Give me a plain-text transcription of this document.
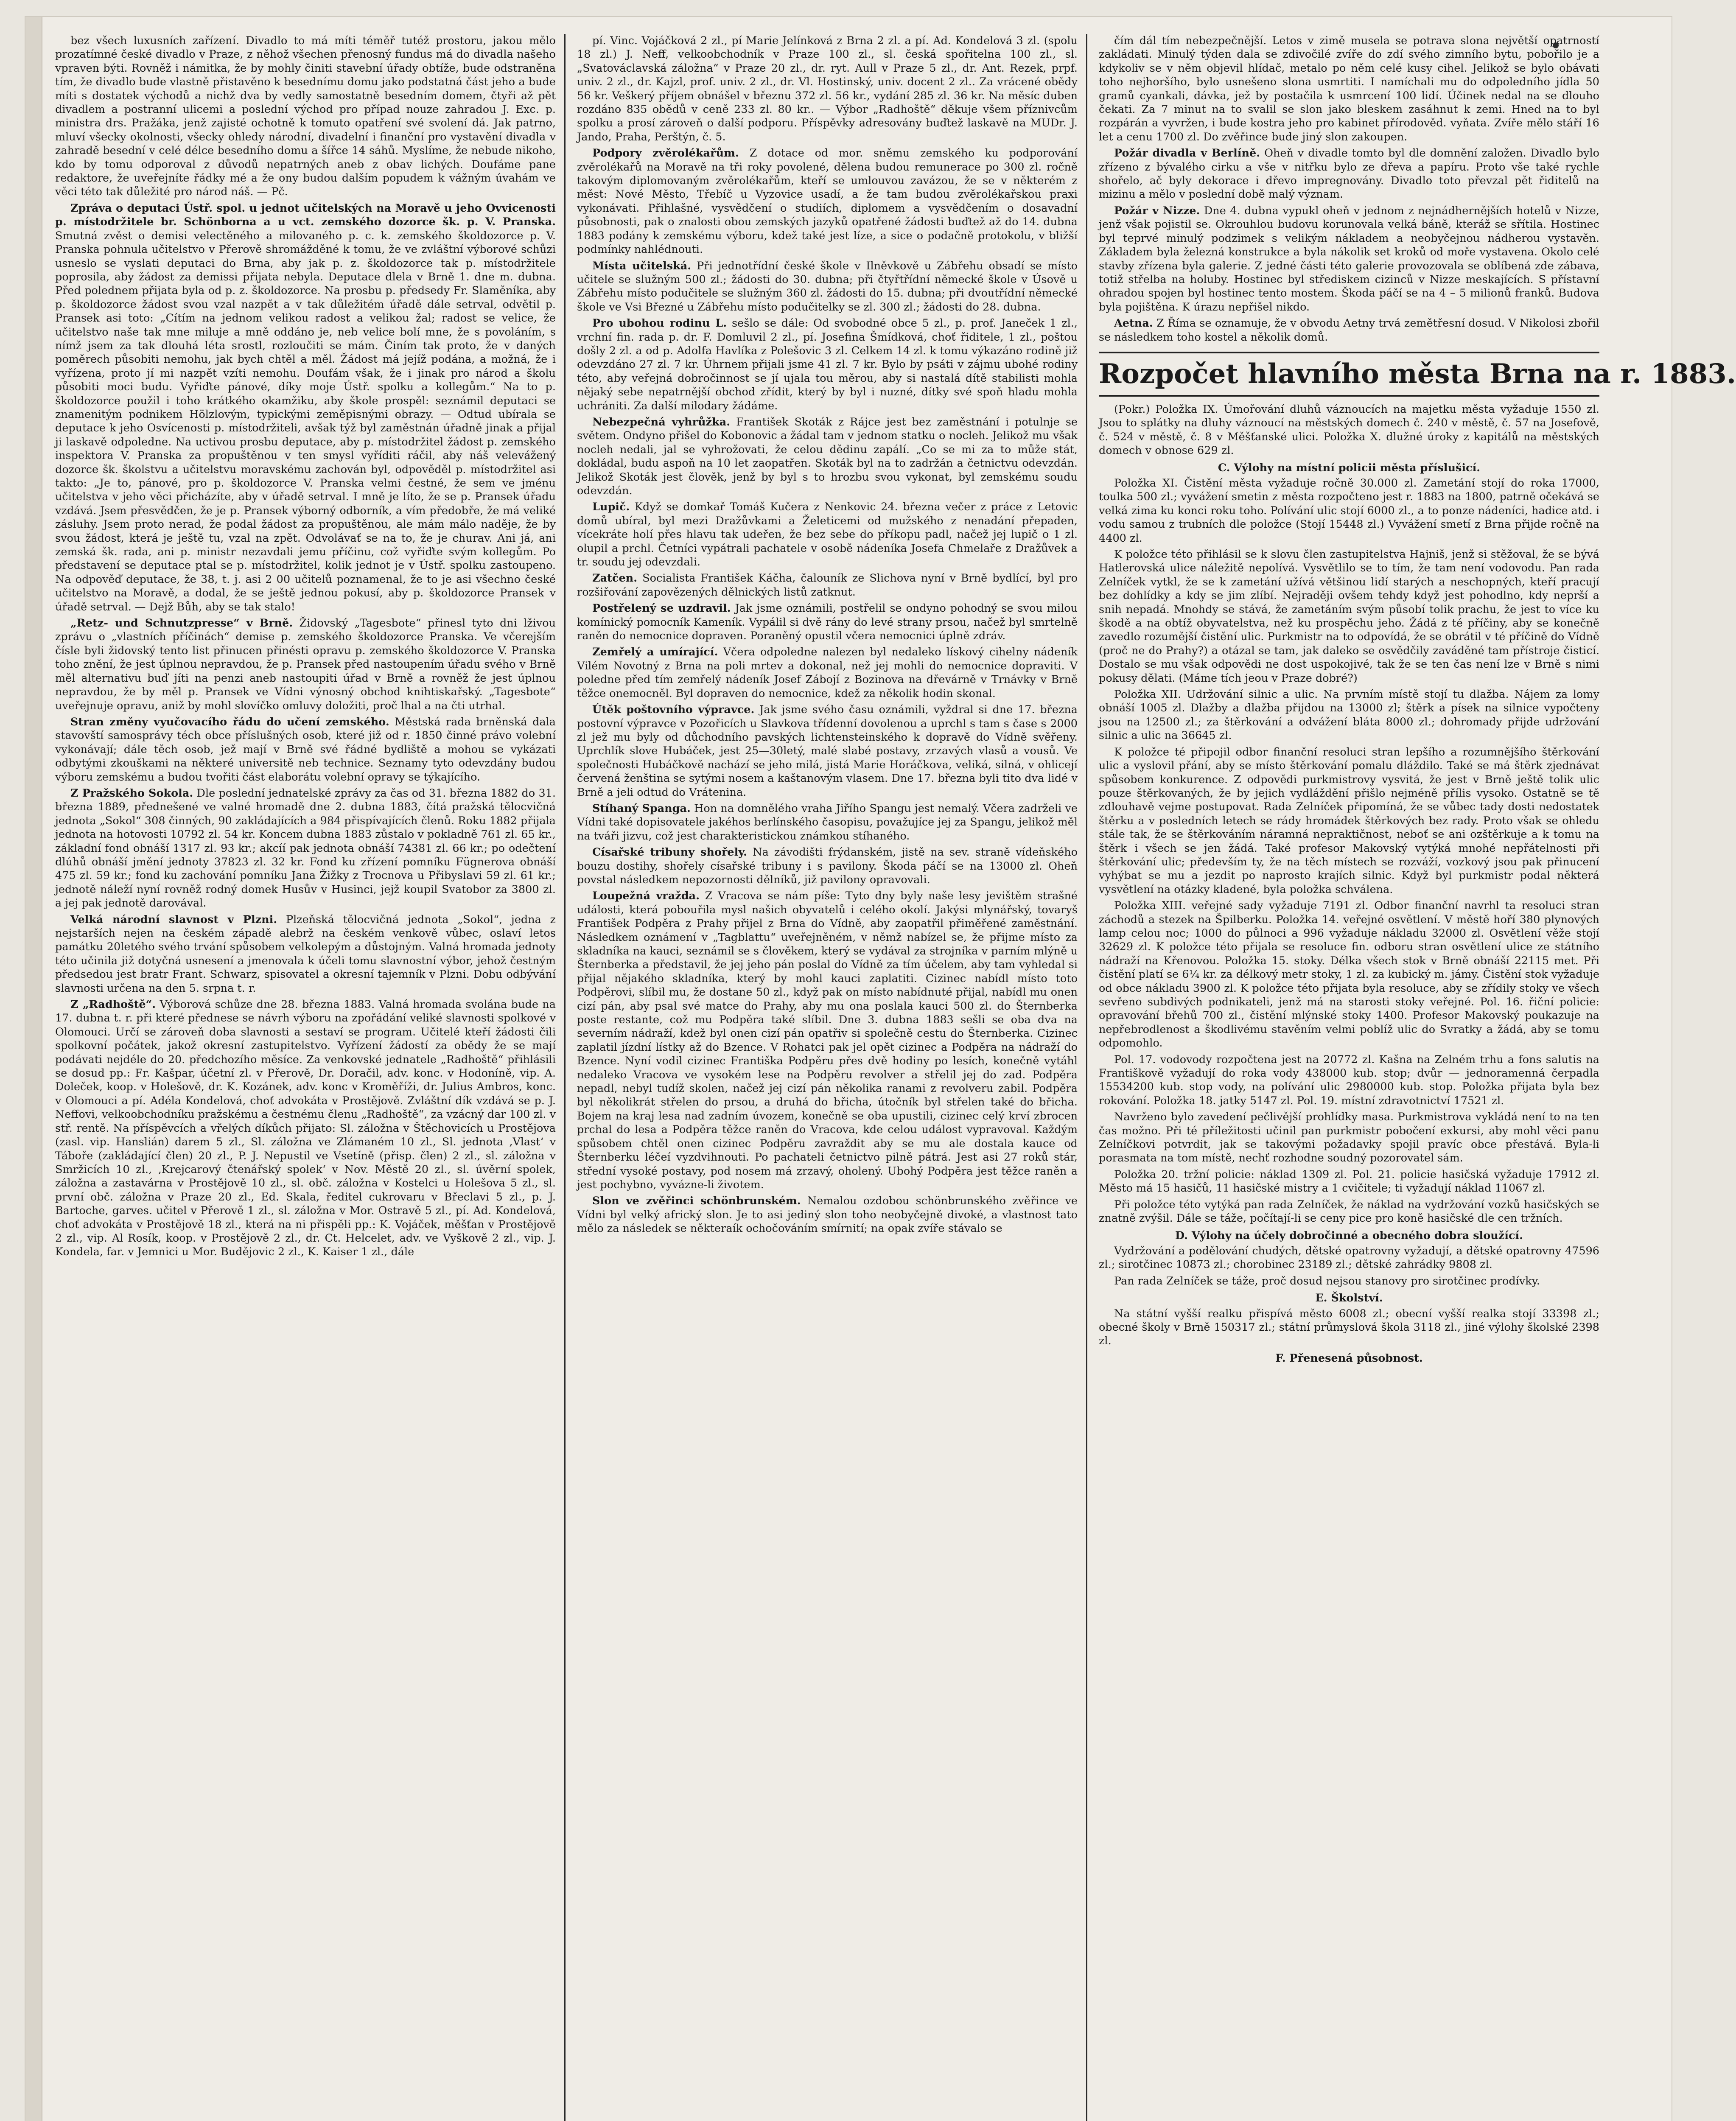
bez všech luxusních zařízení. Divadlo to má míti téměř tutéž prostoru, jakou mělo prozatímné české divadlo v Praze, z něhož všechen přenosný fundus má do divadla našeho vpraven býti. Rovněž i námitka, že by mohly činiti stavební úřady obtíže, bude odstraněna tím, že divadlo bude vlastně přistavěno k besednímu domu jako podstatná část jeho a bude míti s dostatek východů a nichž dva by vedly samostatně besedním domem, čtyři až pět divadlem a postranní ulicemi a poslední východ pro případ nouze zahradou J. Exc. p. ministra drs. Pražáka, jenž zajisté ochotně k tomuto opatření své svolení dá. Jak patrno, mluví všecky okolnosti, všecky ohledy národní, divadelní i finanční pro vystavění divadla v zahradě besední v celé délce besedního domu a šířce 14 sáhů. Myslíme, že nebude nikoho, kdo by tomu odporoval z důvodů nepatrných aneb z obav lichých. Doufáme pane redaktore, že uveřejníte řádky mé a že ony budou dalším popudem k vážným úvahám ve věci této tak důležité pro národ náš. — Pč.

Zpráva o deputaci Ústř. spol. u jednot učitelských na Moravě u jeho Ovvicenosti p. místodržitele br. Schönborna a u vct. zemského dozorce šk. p. V. Pranska. Smutná zvěst o demisi velectěného a milovaného p. c. k. zemského školdozorce p. V. Pranska pohnula učitelstvo v Přerově shromážděné k tomu, že ve zvláštní výborové schůzi usneslo se vyslati deputaci do Brna, aby jak p. z. školdozorce tak p. místodržitele poprosila, aby žádost za demissi přijata nebyla. Deputace dlela v Brně 1. dne m. dubna. Před polednem přijata byla od p. z. školdozorce. Na prosbu p. předsedy Fr. Slaměníka, aby p. školdozorce žádost svou vzal nazpět a v tak důležitém úřadě dále setrval, odvětil p. Pransek asi toto: „Cítím na jednom velikou radost a velikou žal; radost se velice, že učitelstvo naše tak mne miluje a mně oddáno je, neb velice bolí mne, že s povoláním, s nímž jsem za tak dlouhá léta srostl, rozloučiti se mám. Činím tak proto, že v daných poměrech působiti nemohu, jak bych chtěl a měl. Žádost má jejíž podána, a možná, že i vyřízena, proto jí mi nazpět vzíti nemohu. Doufám však, že i jinak pro národ a školu působiti moci budu. Vyřiďte pánové, díky moje Ústř. spolku a kollegům.“ Na to p. školdozorce použil i toho krátkého okamžiku, aby škole prospěl: seznámil deputaci se znamenitým podnikem Hölzlovým, typickými zeměpisnými obrazy. — Odtud ubírala se deputace k jeho Osvícenosti p. místodržiteli, avšak týž byl zaměstnán úřadně jinak a přijal ji laskavě odpoledne. Na uctivou prosbu deputace, aby p. místodržitel žádost p. zemského inspektora V. Pranska za propuštěnou v ten smysl vyříditi ráčil, aby náš velevážený dozorce šk. školstvu a učitelstvu moravskému zachován byl, odpověděl p. místodržitel asi takto: „Je to, pánové, pro p. školdozorce V. Pranska velmi čestné, že sem ve jménu učitelstva v jeho věci přicházíte, aby v úřadě setrval. I mně je líto, že se p. Pransek úřadu vzdává. Jsem přesvědčen, že je p. Pransek výborný odborník, a vím předobře, že má veliké zásluhy. Jsem proto nerad, že podal žádost za propuštěnou, ale mám málo naděje, že by svou žádost, která je ještě tu, vzal na zpět. Odvolávať se na to, že je churav. Ani já, ani zemská šk. rada, ani p. ministr nezavdali jemu příčinu, což vyřiďte svým kollegům. Po představení se deputace ptal se p. místodržitel, kolik jednot je v Ústř. spolku zastoupeno. Na odpověď deputace, že 38, t. j. asi 2 00 učitelů poznamenal, že to je asi všechno české učitelstvo na Moravě, a dodal, že se ještě jednou pokusí, aby p. školdozorce Pransek v úřadě setrval. — Dejž Bůh, aby se tak stalo!

„Retz- und Schnutzpresse“ v Brně. Židovský „Tagesbote“ přinesl tyto dni lživou zprávu o „vlastních příčinách“ demise p. zemského školdozorce Pranska. Ve včerejším čísle byli židovský tento list přinucen přinésti opravu p. zemského školdozorce V. Pranska toho znění, že jest úplnou nepravdou, že p. Pransek před nastoupením úřadu svého v Brně měl alternativu buď jíti na penzi aneb nastoupiti úřad v Brně a rovněž že jest úplnou nepravdou, že by měl p. Pransek ve Vídni výnosný obchod knihtiskařský. „Tagesbote“ uveřejnuje opravu, aniž by mohl slovíčko omluvy doložiti, proč lhal a na čti utrhal.

Stran změny vyučovacího řádu do učení zemského. Městská rada brněnská dala stavovští samosprávy téch obce příslušných osob, které již od r. 1850 činné právo volební vykonávají; dále těch osob, jež mají v Brně své řádné bydliště a mohou se vykázati odbytými zkouškami na některé universitě neb technice. Seznamy tyto odevzdány budou výboru zemskému a budou tvořiti část elaborátu volební opravy se týkajícího.

Z Pražského Sokola. Dle poslední jednatelské zprávy za čas od 31. března 1882 do 31. března 1889, přednešené ve valné hromadě dne 2. dubna 1883, čítá pražská tělocvičná jednota „Sokol“ 308 činných, 90 zakládajících a 984 přispívajících členů. Roku 1882 přijala jednota na hotovosti 10792 zl. 54 kr. Koncem dubna 1883 zůstalo v pokladně 761 zl. 65 kr., základní fond obnáší 1317 zl. 93 kr.; akcíí pak jednota obnáší 74381 zl. 66 kr.; po odečtení dlúhů obnáší jmění jednoty 37823 zl. 32 kr. Fond ku zřízení pomníku Fügnerova obnáší 475 zl. 59 kr.; fond ku zachování pomníku Jana Žižky z Trocnova u Přibyslavi 59 zl. 61 kr.; jednotě náleží nyní rovněž rodný domek Husův v Husinci, jejž koupil Svatobor za 3800 zl. a jej pak jednotě darovával.

Velká národní slavnost v Plzni. Plzeňská tělocvičná jednota „Sokol“, jedna z nejstarších nejen na českém západě alebrž na českém venkově vůbec, oslaví letos památku 20letého svého trvání spůsobem velkolepým a důstojným. Valná hromada jednoty této učinila již dotyčná usnesení a jmenovala k účeli tomu slavnostní výbor, jehož čestným předsedou jest bratr Frant. Schwarz, spisovatel a okresní tajemník v Plzni. Dobu odbývání slavnosti určena na den 5. srpna t. r.

Z „Radhoště“. Výborová schůze dne 28. března 1883. Valná hromada svolána bude na 17. dubna t. r. při které přednese se návrh výboru na zpořádání veliké slavnosti spolkové v Olomouci. Určí se zároveň doba slavnosti a sestaví se program. Učitelé kteří žádosti čili spolkovní počátek, jakož okresní zastupitelstvo. Vyřízení žádostí za obědy že se mají podávati nejdéle do 20. předchozího měsíce. Za venkovské jednatele „Radhoště“ přihlásili se dosud pp.: Fr. Kašpar, účetní zl. v Přerově, Dr. Doračil, adv. konc. v Hodoníně, vip. A. Doleček, koop. v Holešově, dr. K. Kozánek, adv. konc v Kroměříži, dr. Julius Ambros, konc. v Olomouci a pí. Adéla Kondelová, choť advokáta v Prostějově. Zvláštní dík vzdává se p. J. Neffovi, velkoobchodníku pražskému a čestnému členu „Radhoště“, za vzácný dar 100 zl. v stř. rentě. Na příspěvcích a vřelých díkůch přijato: Sl. záložna v Štěchovicích u Prostějova (zasl. vip. Hanslián) darem 5 zl., Sl. záložna ve Zlámaném 10 zl., Sl. jednota ‚Vlast‘ v Táboře (zakládající člen) 20 zl., P. J. Nepustil ve Vsetíně (přisp. člen) 2 zl., sl. záložna v Smržicích 10 zl., ‚Krejcarový čtenářský spolek‘ v Nov. Městě 20 zl., sl. úvěrní spolek, záložna a zastavárna v Prostějově 10 zl., sl. obč. záložna v Kostelci u Holešova 5 zl., sl. první obč. záložna v Praze 20 zl., Ed. Skala, ředitel cukrovaru v Břeclavi 5 zl., p. J. Bartoche, garves. učitel v Přerově 1 zl., sl. záložna v Mor. Ostravě 5 zl., pí. Ad. Kondelová, choť advokáta v Prostějově 18 zl., která na ni přispěli pp.: K. Vojáček, měšťan v Prostějově 2 zl., vip. Al Rosík, koop. v Prostějově 2 zl., dr. Ct. Helcelet, adv. ve Vyškově 2 zl., vip. J. Kondela, far. v Jemnici u Mor. Budějovic 2 zl., K. Kaiser 1 zl., dále

pí. Vinc. Vojáčková 2 zl., pí Marie Jelínková z Brna 2 zl. a pí. Ad. Kondelová 3 zl. (spolu 18 zl.) J. Neff, velkoobchodník v Praze 100 zl., sl. česká spořitelna 100 zl., sl. „Svatováclavská záložna“ v Praze 20 zl., dr. ryt. Aull v Praze 5 zl., dr. Ant. Rezek, prpf. univ. 2 zl., dr. Kajzl, prof. univ. 2 zl., dr. Vl. Hostinský, univ. docent 2 zl.. Za vrácené obědy 56 kr. Veškerý příjem obnášel v březnu 372 zl. 56 kr., vydání 285 zl. 36 kr. Na měsíc duben rozdáno 835 obědů v ceně 233 zl. 80 kr.. — Výbor „Radhoště“ děkuje všem příznivcům spolku a prosí zároveň o další podporu. Příspěvky adresovány buďtež laskavě na MUDr. J. Jando, Praha, Perštýn, č. 5.

Podpory zvěrolékařům. Z dotace od mor. sněmu zemského ku podporování zvěrolékařů na Moravě na tři roky povolené, dělena budou remunerace po 300 zl. ročně takovým diplomovaným zvěrolékařům, kteří se umlouvou zavázou, že se v některém z měst: Nové Město, Třebíč u Vyzovice usadí, a že tam budou zvěrolékařskou praxi vykonávati. Přihlašné, vysvědčení o studiích, diplomem a vysvědčením o dosavadní působnosti, pak o znalosti obou zemských jazyků opatřené žádosti buďtež až do 14. dubna 1883 podány k zemskému výboru, kdež také jest líze, a sice o podačně protokolu, v bližší podmínky nahlédnouti.

Místa učitelská. Při jednotřídní české škole v Ilněvkově u Zábřehu obsadí se místo učitele se služným 500 zl.; žádosti do 30. dubna; při čtyřtřídní německé škole v Úsově u Zábřehu místo podučitele se služným 360 zl. žádosti do 15. dubna; při dvoutřídní německé škole ve Vsi Březné u Zábřehu místo podučitelky se zl. 300 zl.; žádosti do 28. dubna.

Pro ubohou rodinu L. sešlo se dále: Od svobodné obce 5 zl., p. prof. Janeček 1 zl., vrchní fin. rada p. dr. F. Domluvil 2 zl., pí. Josefina Šmídková, choť řiditele, 1 zl., poštou došly 2 zl. a od p. Adolfa Havlíka z Polešovic 3 zl. Celkem 14 zl. k tomu výkazáno rodině již odevzdáno 27 zl. 7 kr. Úhrnem přijali jsme 41 zl. 7 kr. Bylo by psáti v zájmu ubohé rodiny této, aby veřejná dobročinnost se jí ujala tou měrou, aby si nastalá dítě stabilisti mohla nějaký sebe nepatrnější obchod zřídit, který by byl i nuzné, dítky své spoň hladu mohla uchrániti. Za další milodary žádáme.

Nebezpečná vyhrůžka. František Skoták z Rájce jest bez zaměstnání i potulnje se světem. Ondyno přišel do Kobonovic a žádal tam v jednom statku o nocleh. Jelikož mu však nocleh nedali, jal se vyhrožovati, že celou dědinu zapálí. „Co se mi za to může stát, dokládal, budu aspoň na 10 let zaopatřen. Skoták byl na to zadržán a četnictvu odevzdán. Jelikož Skoták jest člověk, jenž by byl s to hrozbu svou vykonat, byl zemskému soudu odevzdán.

Lupič. Když se domkař Tomáš Kučera z Nenkovic 24. března večer z práce z Letovic domů ubíral, byl mezi Dražůvkami a Želeticemi od mužského z nenadání přepaden, vícekráte holí přes hlavu tak udeřen, že bez sebe do příkopu padl, načež jej lupič o 1 zl. olupil a prchl. Četníci vypátrali pachatele v osobě nádeníka Josefa Chmelaře z Dražůvek a tr. soudu jej odevzdali.

Zatčen. Socialista František Káčha, čalouník ze Slichova nyní v Brně bydlící, byl pro rozšiřování zapovězených dělnických listů zatknut.

Postřelený se uzdravil. Jak jsme oznámili, postřelil se ondyno pohodný se svou milou komínický pomocník Kameník. Vypálil si dvě rány do levé strany prsou, načež byl smrtelně raněn do nemocnice dopraven. Poraněný opustil včera nemocnici úplně zdráv.

Zemřelý a umírající. Včera odpoledne nalezen byl nedaleko lískový cihelny nádeník Vilém Novotný z Brna na poli mrtev a dokonal, než jej mohli do nemocnice dopraviti. V poledne před tím zemřelý nádeník Josef Zábojí z Bozinova na dřevárně v Trnávky v Brně těžce onemocněl. Byl dopraven do nemocnice, kdež za několik hodin skonal.

Útěk poštovního výpravce. Jak jsme svého času oznámili, vyždral si dne 17. března postovní výpravce v Pozořicích u Slavkova třídenní dovolenou a uprchl s tam s čase s 2000 zl jež mu byly od důchodního pavských lichtensteinského k dopravě do Vídně svěřeny. Uprchlík slove Hubáček, jest 25—30letý, malé slabé postavy, zrzavých vlasů a vousů. Ve společnosti Hubáčkově nachází se jeho milá, jistá Marie Horáčkova, veliká, silná, v ohlicejí červená ženština se sytými nosem a kaštanovým vlasem. Dne 17. března byli tito dva lidé v Brně a jeli odtud do Vrátenina.

Stíhaný Spanga. Hon na domnělého vraha Jiřího Spangu jest nemalý. Včera zadrželi ve Vídni také dopisovatele jakéhos berlínského časopisu, považujíce jej za Spangu, jelikož měl na tváři jizvu, což jest charakteristickou známkou stíhaného.

Císařské tribuny shořely. Na závodišti frýdanském, jistě na sev. straně vídeňského bouzu dostihy, shořely císařské tribuny i s pavilony. Škoda páčí se na 13000 zl. Oheň povstal následkem nepozornosti dělníků, již pavilony opravovali.

Loupežná vražda. Z Vracova se nám píše: Tyto dny byly naše lesy jevištěm strašné události, která pobouřila mysl našich obyvatelů i celého okolí. Jakýsi mlynářský, tovaryš František Podpěra z Prahy přijel z Brna do Vídně, aby zaopatřil přiměřené zaměstnání. Následkem oznámení v „Tagblattu“ uveřejněném, v němž nabízel se, že přijme místo za skladníka na kauci, seznámil se s člověkem, který se vydával za strojníka v parním mlýně u Šternberka a představil, že jej jeho pán poslal do Vídně za tím účelem, aby tam vyhledal si přijal nějakého skladníka, který by mohl kauci zaplatiti. Cizinec nabídl místo toto Podpěrovi, slíbil mu, že dostane 50 zl., když pak on místo nabídnuté přijal, nabídl mu onen cizí pán, aby psal své matce do Prahy, aby mu ona poslala kauci 500 zl. do Šternberka poste restante, což mu Podpěra také slíbil. Dne 3. dubna 1883 sešli se oba dva na severním nádraží, kdež byl onen cizí pán opatřiv si společně cestu do Šternberka. Cizinec zaplatil jízdní lístky až do Bzence. V Rohatci pak jel opět cizinec a Podpěra na nádraží do Bzence. Nyní vodil cizinec Františka Podpěru přes dvě hodiny po lesích, konečně vytáhl nedaleko Vracova ve vysokém lese na Podpěru revolver a střelil jej do zad. Podpěra nepadl, nebyl tudíž skolen, načež jej cizí pán několika ranami z revolveru zabil. Podpěra byl několikrát střelen do prsou, a druhá do břicha, útočník byl střelen také do břicha. Bojem na kraj lesa nad zadním úvozem, konečně se oba upustili, cizinec celý krví zbrocen prchal do lesa a Podpěra těžce raněn do Vracova, kde celou událost vypravoval. Každým spůsobem chtěl onen cizinec Podpěru zavraždit aby se mu ale dostala kauce od Šternberku léčeí vyzdvihnouti. Po pachateli četnictvo pilně pátrá. Jest asi 27 roků stár, střední vysoké postavy, pod nosem má zrzavý, oholený. Ubohý Podpěra jest těžce raněn a jest pochybno, vyvázne-li životem.

Slon ve zvěřinci schönbrunském. Nemalou ozdobou schönbrunského zvěřince ve Vídni byl velký africký slon. Je to asi jediný slon toho neobyčejně divoké, a vlastnost tato mělo za následek se některaík ochočováním smírnití; na opak zvíře stávalo se

čím dál tím nebezpečnější. Letos v zimě musela se potrava slona největší opatrností zakládati. Minulý týden dala se zdivočilé zvíře do zdí svého zimního bytu, pobořilo je a kdykoliv se v něm objevil hlídač, metalo po něm celé kusy cihel. Jelikož se bylo obávati toho nejhoršího, bylo usnešeno slona usmrtiti. I namíchali mu do odpoledního jídla 50 gramů cyankali, dávka, jež by postačila k usmrcení 100 lidí. Účinek nedal na se dlouho čekati. Za 7 minut na to svalil se slon jako bleskem zasáhnut k zemi. Hned na to byl rozpárán a vyvržen, i bude kostra jeho pro kabinet přírodověd. vyňata. Zvíře mělo stáří 16 let a cenu 1700 zl. Do zvěřince bude jiný slon zakoupen.

Požár divadla v Berlíně. Oheň v divadle tomto byl dle domnění založen. Divadlo bylo zřízeno z bývalého cirku a vše v nitřku bylo ze dřeva a papíru. Proto vše také rychle shořelo, ač byly dekorace i dřevo impregnovány. Divadlo toto převzal pět řiditelů na mizinu a mělo v poslední době malý význam.

Požár v Nizze. Dne 4. dubna vypukl oheň v jednom z nejnádhernějších hotelů v Nizze, jenž však pojistil se. Okrouhlou budovu korunovala velká báně, kteráž se sřítila. Hostinec byl teprvé minulý podzimek s velikým nákladem a neobyčejnou nádherou vystavěn. Základem byla železná konstrukce a byla nákolik set kroků od moře vystavena. Okolo celé stavby zřízena byla galerie. Z jedné části této galerie provozovala se oblíbená zde zábava, totiž střelba na holuby. Hostinec byl střediskem cizinců v Nizze meskajících. S přístavní ohradou spojen byl hostinec tento mostem. Škoda páčí se na 4 – 5 milionů franků. Budova byla pojištěna. K úrazu nepřišel nikdo.

Aetna. Z Říma se oznamuje, že v obvodu Aetny trvá zemětřesní dosud. V Nikolosi zbořil se následkem toho kostel a několik domů.

Rozpočet hlavního města Brna na r. 1883.

(Pokr.) Položka IX. Úmořování dluhů váznoucích na majetku města vyžaduje 1550 zl. Jsou to splátky na dluhy váznoucí na městských domech č. 240 v městě, č. 57 na Josefově, č. 524 v městě, č. 8 v Měšťanské ulici. Položka X. dlužné úroky z kapitálů na městských domech v obnose 629 zl.

C. Výlohy na místní policii města příslušicí.

Položka XI. Čistění města vyžaduje ročně 30.000 zl. Zametání stojí do roka 17000, toulka 500 zl.; vyvážení smetin z města rozpočteno jest r. 1883 na 1800, patrně očekává se velká zima ku konci roku toho. Polívání ulic stojí 6000 zl., a to ponze nádeníci, hadice atd. i vodu samou z trubních dle položce (Stojí 15448 zl.) Vyvážení smetí z Brna přijde ročně na 4400 zl.

K položce této přihlásil se k slovu člen zastupitelstva Hajniš, jenž si stěžoval, že se bývá Hatlerovská ulice náležitě nepolívá. Vysvětlilo se to tím, že tam není vodovodu. Pan rada Zelníček vytkl, že se k zametání užívá většinou lidí starých a neschopných, kteří pracují bez dohlídky a kdy se jim zlíbí. Nejraději ovšem tehdy když jest pohodlno, kdy neprší a snih nepadá. Mnohdy se stává, že zametáním svým působí tolik prachu, že jest to více ku škodě a na obtíž obyvatelstva, než ku prospěchu jeho. Žádá z té příčiny, aby se konečně zavedlo rozumější čistění ulic. Purkmistr na to odpovídá, že se obrátil v té příčině do Vídně (proč ne do Prahy?) a otázal se tam, jak daleko se osvědčily zaváděné tam přístroje čisticí. Dostalo se mu však odpovědi ne dost uspokojivé, tak že se ten čas není lze v Brně s nimi pokusy dělati. (Máme tích jeou v Praze dobré?)

Položka XII. Udržování silnic a ulic. Na prvním místě stojí tu dlažba. Nájem za lomy obnáší 1005 zl. Dlažby a dlažba přijdou na 13000 zl; štěrk a písek na silnice vypočteny jsou na 12500 zl.; za štěrkování a odvážení bláta 8000 zl.; dohromady přijde udržování silnic a ulic na 36645 zl.

K položce té připojil odbor finanční resoluci stran lepšího a rozumnějšího štěrkování ulic a vyslovil přání, aby se místo štěrkování pomalu dláždilo. Také se má štěrk zjednávat spůsobem konkurence. Z odpovědi purkmistrovy vysvitá, že jest v Brně ještě tolik ulic pouze štěrkovaných, že by jejich vydláždění přišlo nejméně přílis vysoko. Ostatně se tě zdlouhavě vejme postupovat. Rada Zelníček připomíná, že se vůbec tady dosti nedostatek štěrku a v posledních letech se rády hromádek štěrkových bez rady. Proto však se ohledu stále tak, že se štěrkováním náramná nepraktičnost, neboť se ani ozštěrkuje a k tomu na štěrk i všech se jen žádá. Také profesor Makovský vytýká mnohé nepřátelnosti při štěrkování ulic; především ty, že na těch místech se rozváží, vozkový jsou pak přinucení vyhýbat se mu a jezdit po naprosto krajích silnic. Když byl purkmistr podal některá vysvětlení na otázky kladené, byla položka schválena.

Položka XIII. veřejné sady vyžaduje 7191 zl. Odbor finanční navrhl ta resoluci stran záchodů a stezek na Špilberku. Položka 14. veřejné osvětlení. V městě hoří 380 plynových lamp celou noc; 1000 do půlnoci a 996 vyžaduje nákladu 32000 zl. Osvětlení věže stojí 32629 zl. K položce této přijala se resoluce fin. odboru stran osvětlení ulice ze státního nádraží na Křenovou. Položka 15. stoky. Délka všech stok v Brně obnáší 22115 met. Při čistění platí se 6¼ kr. za délkový metr stoky, 1 zl. za kubický m. jámy. Čistění stok vyžaduje od obce nákladu 3900 zl. K položce této přijata byla resoluce, aby se zřídily stoky ve všech sevřeno subdivých podnikateli, jenž má na starosti stoky veřejné. Pol. 16. řiční policie: opravování břehů 700 zl., čistění mlýnské stoky 1400. Profesor Makovský poukazuje na nepřebrodlenost a škodlivému stavěním velmi poblíž ulic do Svratky a žádá, aby se tomu odpomohlo.

Pol. 17. vodovody rozpočtena jest na 20772 zl. Kašna na Zelném trhu a fons salutis na Františkově vyžadují do roka vody 438000 kub. stop; dvůr — jednoramenná čerpadla 15534200 kub. stop vody, na polívání ulic 2980000 kub. stop. Položka přijata byla bez rokování. Položka 18. jatky 5147 zl. Pol. 19. místní zdravotnictví 17521 zl.

Navrženo bylo zavedení pečlivější prohlídky masa. Purkmistrova vykládá není to na ten čas možno. Při té příležitosti učinil pan purkmistr pobočení exkursi, aby mohl věci panu Zelníčkovi potvrdit, jak se takovými požadavky spojil pravíc obce přestává. Byla-li porasmata na tom místě, nechť rozhodne soudný pozorovatel sám.

Položka 20. tržní policie: náklad 1309 zl. Pol. 21. policie hasičská vyžaduje 17912 zl. Město má 15 hasičů, 11 hasičské mistry a 1 cvičitele; ti vyžadují náklad 11067 zl.

Při položce této vytýká pan rada Zelníček, že náklad na vydržování vozků hasičských se znatně zvýšil. Dále se táže, počítají-li se ceny pice pro koně hasičské dle cen tržních.

D. Výlohy na účely dobročinné a obecného dobra sloužící.

Vydržování a podělování chudých, dětské opatrovny vyžadují, a dětské opatrovny 47596 zl.; sirotčinec 10873 zl.; chorobinec 23189 zl.; dětské zahrádky 9808 zl.

Pan rada Zelníček se táže, proč dosud nejsou stanovy pro sirotčinec prodívky.

E. Školství.

Na státní vyšší realku přispívá město 6008 zl.; obecní vyšší realka stojí 33398 zl.; obecné školy v Brně 150317 zl.; státní průmyslová škola 3118 zl., jiné výlohy školské 2398 zl.

F. Přenesená působnost.
